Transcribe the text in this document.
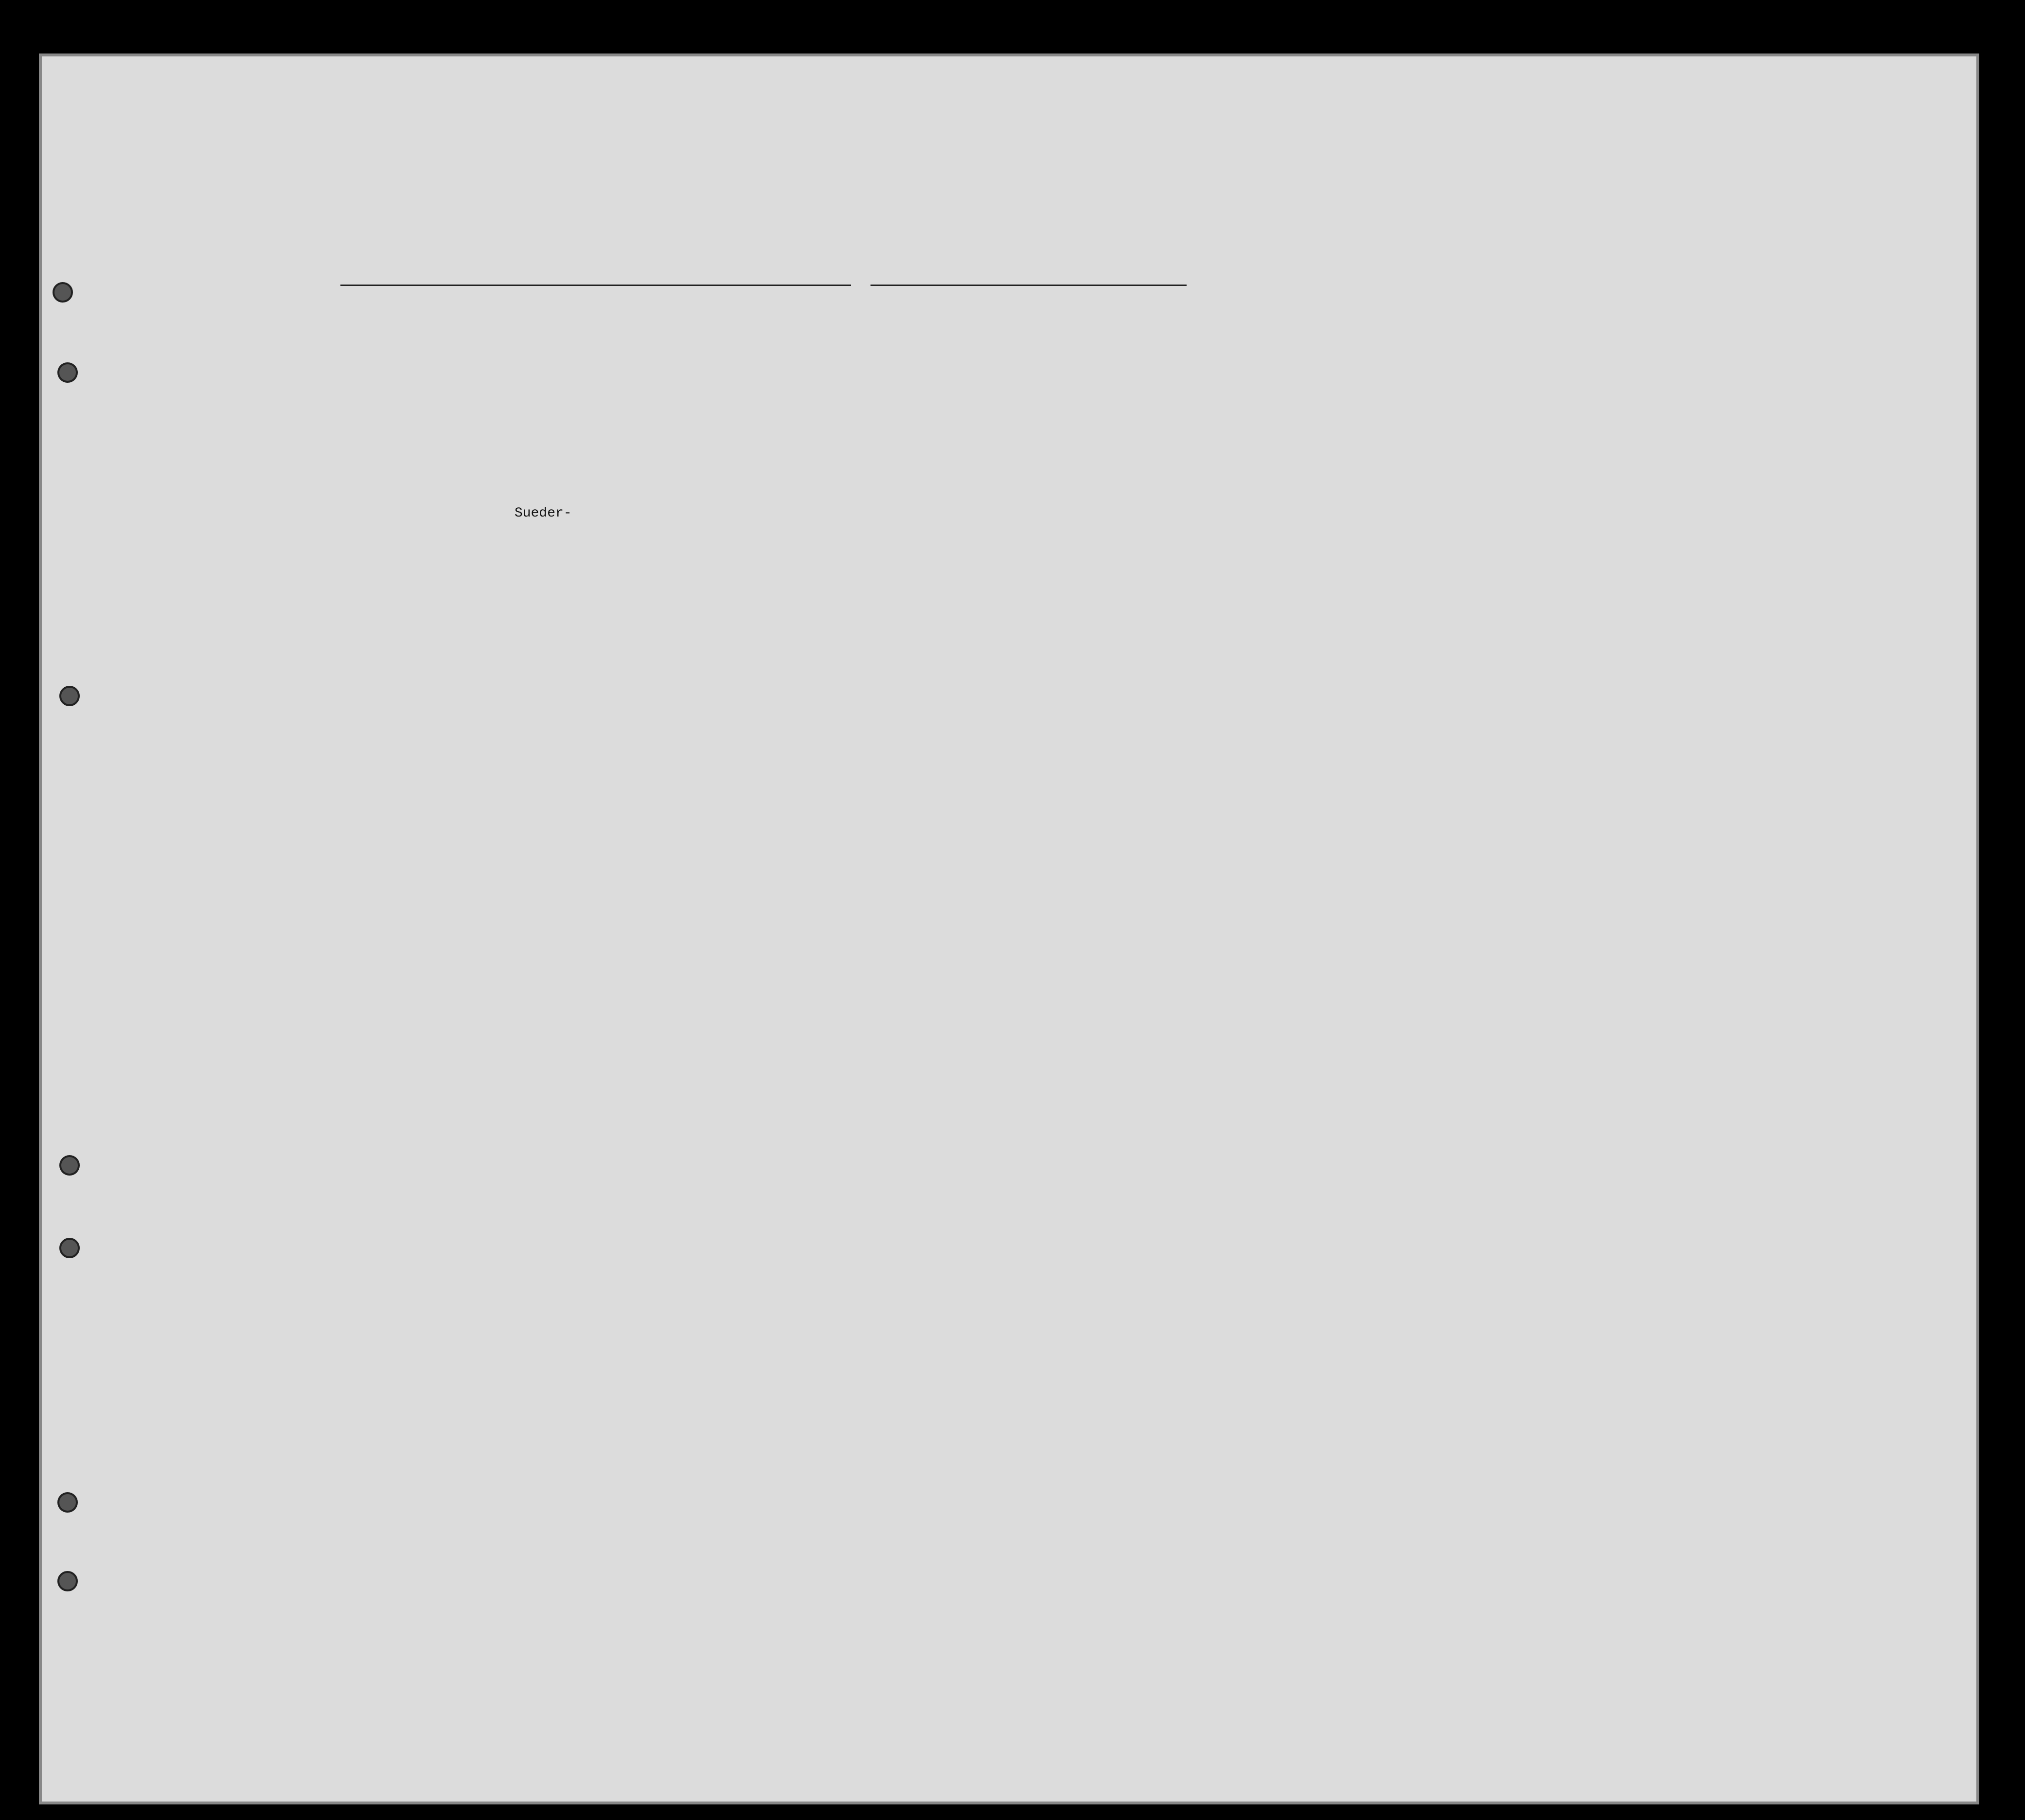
Sueder-
